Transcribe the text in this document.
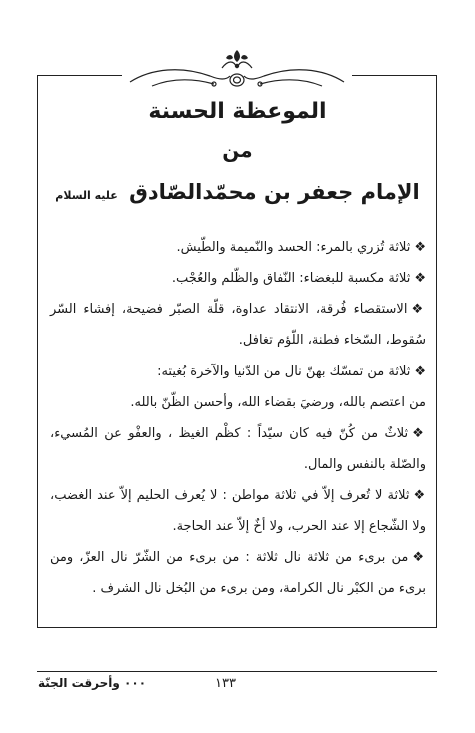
الموعظة الحسنة
من
الإمام جعفر بن محمّدالصّادق عليه السلام

❖ثلاثة تُزري بالمرء: الحسد والنّميمة والطّيش.

❖ثلاثة مكسبة للبغضاء: النّفاق والظّلم والعُجْب.

❖الاستقصاء فُرقة، الانتقاد عداوة، قلّة الصبّر فضيحة، إفشاء السّر سُقوط، السّخاء فطنة، اللّؤم تغافل.

❖ثلاثة من تمسّك بهنّ نال من الدّنيا والآخرة بُغيته:

من اعتصم بالله، ورضيَ بقضاء الله، وأحسن الظّنّ بالله.

❖ثلاثٌ من كُنّ فيه كان سيّداً : كظْم الغيظ ، والعفْو عن المُسيء، والصّلة بالنفس والمال.

❖ثلاثة لا تُعرف إلاّ في ثلاثة مواطن : لا يُعرف الحليم إلاّ عند الغضب، ولا الشّجاع إلا عند الحرب، ولا أخٌ إلاّ عند الحاجة.

❖من برىء من ثلاثة نال ثلاثة : من برىء من الشّرّ نال العزّ، ومن برىء من الكبْر نال الكرامة، ومن برىء من البُخل نال الشرف .

٠٠٠ وأحرقت الجنّة	١٣٣
